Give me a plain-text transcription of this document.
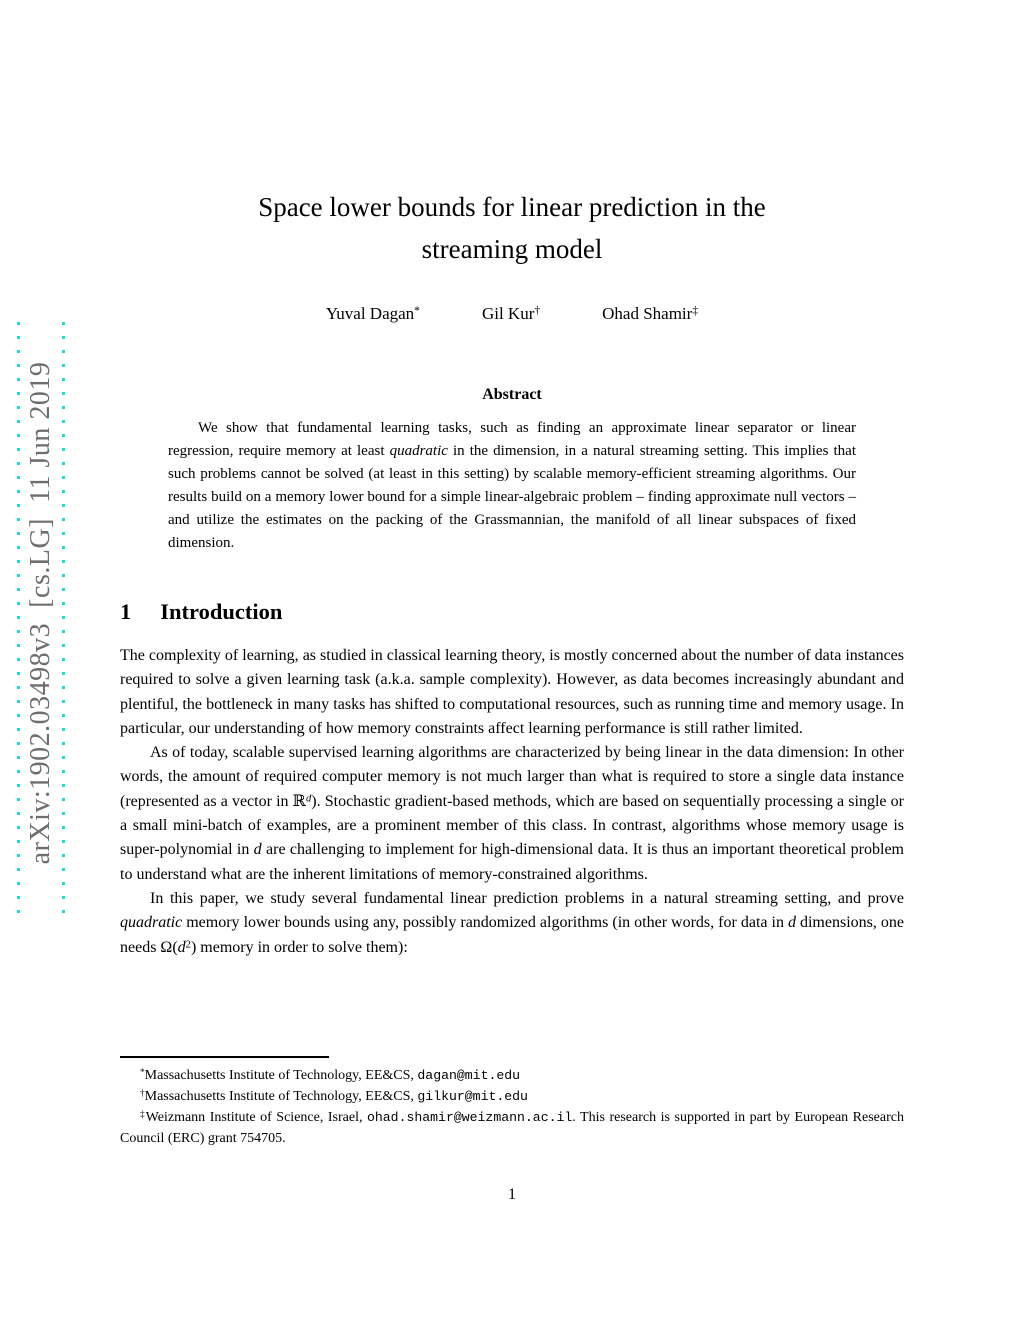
arXiv:1902.03498v3  [cs.LG]  11 Jun 2019
Space lower bounds for linear prediction in the
streaming model
Yuval Dagan*	Gil Kur†	Ohad Shamir‡
Abstract

We show that fundamental learning tasks, such as finding an approximate linear separator or linear regression, require memory at least quadratic in the dimension, in a natural streaming setting. This implies that such problems cannot be solved (at least in this setting) by scalable memory-efficient streaming algorithms. Our results build on a memory lower bound for a simple linear-algebraic problem – finding approximate null vectors – and utilize the estimates on the packing of the Grassmannian, the manifold of all linear subspaces of fixed dimension.

1 Introduction

The complexity of learning, as studied in classical learning theory, is mostly concerned about the number of data instances required to solve a given learning task (a.k.a. sample complexity). However, as data becomes increasingly abundant and plentiful, the bottleneck in many tasks has shifted to computational resources, such as running time and memory usage. In particular, our understanding of how memory constraints affect learning performance is still rather limited.

As of today, scalable supervised learning algorithms are characterized by being linear in the data dimension: In other words, the amount of required computer memory is not much larger than what is required to store a single data instance (represented as a vector in ℝ$^d$). Stochastic gradient-based methods, which are based on sequentially processing a single or a small mini-batch of examples, are a prominent member of this class. In contrast, algorithms whose memory usage is super-polynomial in d are challenging to implement for high-dimensional data. It is thus an important theoretical problem to understand what are the inherent limitations of memory-constrained algorithms.

In this paper, we study several fundamental linear prediction problems in a natural streaming setting, and prove quadratic memory lower bounds using any, possibly randomized algorithms (in other words, for data in d dimensions, one needs $\Omega(d^2)$ memory in order to solve them):

*Massachusetts Institute of Technology, EE&CS, dagan@mit.edu

†Massachusetts Institute of Technology, EE&CS, gilkur@mit.edu

‡Weizmann Institute of Science, Israel, ohad.shamir@weizmann.ac.il. This research is supported in part by European Research Council (ERC) grant 754705.

1
